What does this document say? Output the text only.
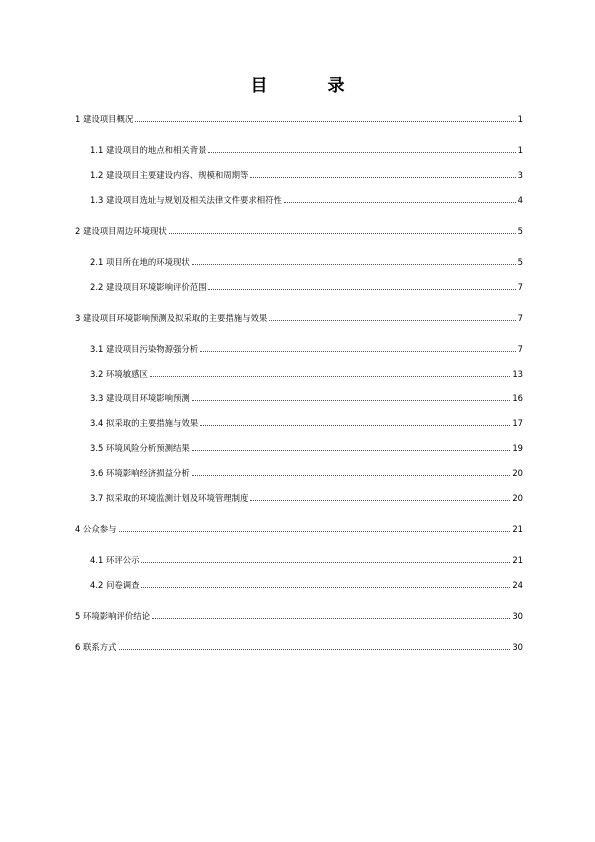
目 录
1 建设项目概况	1
1.1 建设项目的地点和相关背景	1
1.2 建设项目主要建设内容、规模和周期等	3
1.3 建设项目选址与规划及相关法律文件要求相符性	4
2 建设项目周边环境现状	5
2.1 项目所在地的环境现状	5
2.2 建设项目环境影响评价范围	7
3 建设项目环境影响预测及拟采取的主要措施与效果	7
3.1 建设项目污染物源强分析	7
3.2 环境敏感区	13
3.3 建设项目环境影响预测	16
3.4 拟采取的主要措施与效果	17
3.5 环境风险分析预测结果	19
3.6 环境影响经济损益分析	20
3.7 拟采取的环境监测计划及环境管理制度	20
4 公众参与	21
4.1 环评公示	21
4.2 问卷调查	24
5 环境影响评价结论	30
6 联系方式	30
